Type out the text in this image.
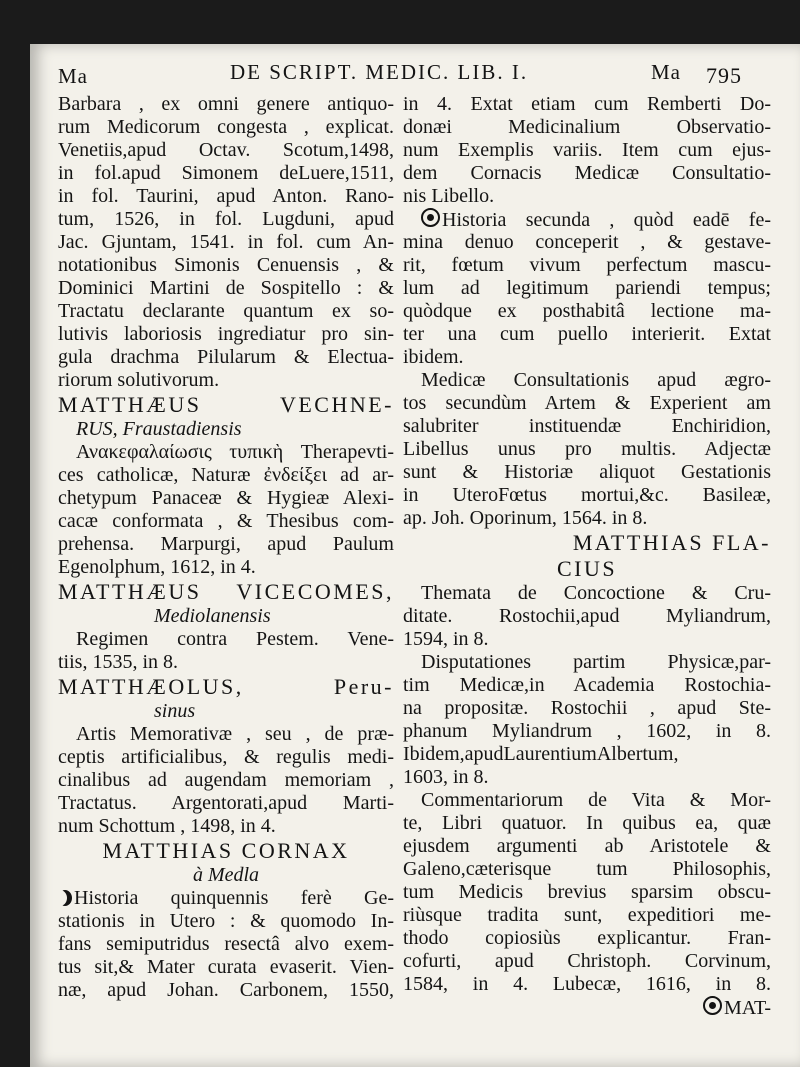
Ma	DE SCRIPT. MEDIC. LIB. I.	Ma 795
Barbara , ex omni genere antiquo-
rum Medicorum congesta , explicat.
Venetiis,apud Octav. Scotum,1498,
in fol.apud Simonem deLuere,1511,
in fol. Taurini, apud Anton. Rano-
tum, 1526, in fol. Lugduni, apud
Jac. Gjuntam, 1541. in fol. cum An-
notationibus Simonis Cenuensis , &
Dominici Martini de Sospitello : &
Tractatu declarante quantum ex so-
lutivis laboriosis ingrediatur pro sin-
gula drachma Pilularum & Electua-
riorum solutivorum.
MATTHÆUS VECHNE-
RUS, Fraustadiensis
Ανακεφαλαίωσις τυπικὴ Therapevti-
ces catholicæ, Naturæ ἐνδείξει ad ar-
chetypum Panaceæ & Hygieæ Alexi-
cacæ conformata , & Thesibus com-
prehensa. Marpurgi, apud Paulum
Egenolphum, 1612, in 4.
MATTHÆUS VICECOMES,
Mediolanensis
Regimen contra Pestem. Vene-
tiis, 1535, in 8.
MATTHÆOLUS, Peru-
sinus
Artis Memorativæ , seu , de præ-
ceptis artificialibus, & regulis medi-
cinalibus ad augendam memoriam ,
Tractatus. Argentorati,apud Marti-
num Schottum , 1498, in 4.
MATTHIAS CORNAX
à Medla
Historia quinquennis ferè Ge-
stationis in Utero : & quomodo In-
fans semiputridus resectâ alvo exem-
tus sit,& Mater curata evaserit. Vien-
næ, apud Johan. Carbonem, 1550,
in 4. Extat etiam cum Remberti Do-
donæi Medicinalium Observatio-
num Exemplis variis. Item cum ejus-
dem Cornacis Medicæ Consultatio-
nis Libello.
Historia secunda , quòd eadē fe-
mina denuo conceperit , & gestave-
rit, fœtum vivum perfectum mascu-
lum ad legitimum pariendi tempus;
quòdque ex posthabitâ lectione ma-
ter una cum puello interierit. Extat
ibidem.
Medicæ Consultationis apud ægro-
tos secundùm Artem & Experient am
salubriter instituendæ Enchiridion,
Libellus unus pro multis. Adjectæ
sunt & Historiæ aliquot Gestationis
in UteroFœtus mortui,&c. Basileæ,
ap. Joh. Oporinum, 1564. in 8.
MATTHIAS FLA-
CIUS
Themata de Concoctione & Cru-
ditate. Rostochii,apud Myliandrum,
1594, in 8.
Disputationes partim Physicæ,par-
tim Medicæ,in Academia Rostochia-
na propositæ. Rostochii , apud Ste-
phanum Myliandrum , 1602, in 8.
Ibidem,apudLaurentiumAlbertum,
1603, in 8.
Commentariorum de Vita & Mor-
te, Libri quatuor. In quibus ea, quæ
ejusdem argumenti ab Aristotele &
Galeno,cæterisque tum Philosophis,
tum Medicis brevius sparsim obscu-
riùsque tradita sunt, expeditiori me-
thodo copiosiùs explicantur. Fran-
cofurti, apud Christoph. Corvinum,
1584, in 4. Lubecæ, 1616, in 8.
MAT-
